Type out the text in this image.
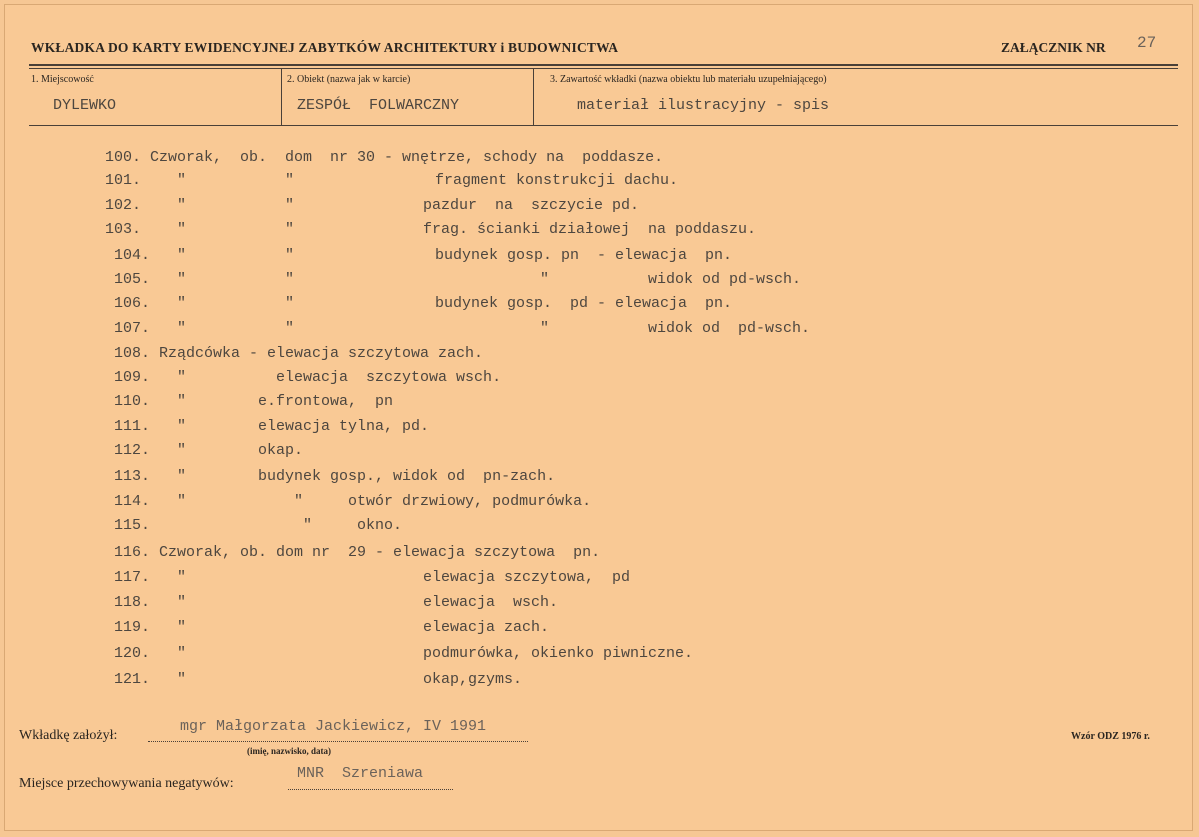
WKŁADKA DO KARTY EWIDENCYJNEJ ZABYTKÓW ARCHITEKTURY i BUDOWNICTWA	ZAŁĄCZNIK NR 27
1. Miejscowość	2. Obiekt (nazwa jak w karcie)	3. Zawartość wkładki (nazwa obiektu lub materiału uzupełniającego)
DYLEWKO	ZESPÓŁ  FOLWARCZNY	materiał ilustracyjny - spis
100. Czworak,  ob.  dom  nr 30 - wnętrze, schody na  poddasze.
101.    "           "	fragment konstrukcji dachu.
102.    "           "	pazdur  na  szczycie pd.
103.    "           "	frag. ścianki działowej  na poddaszu.
104.   "           "	budynek gosp. pn  - elewacja  pn.
105.   "           "	"           widok od pd-wsch.
106.   "           "	budynek gosp.  pd - elewacja  pn.
107.   "           "	"           widok od  pd-wsch.
108. Rządcówka - elewacja szczytowa zach.
109.   "          elewacja  szczytowa wsch.
110.   "        e.frontowa,  pn
111.   "        elewacja tylna, pd.
112.   "        okap.
113.   "        budynek gosp., widok od  pn-zach.
114.   "            "     otwór drzwiowy, podmurówka.
115.                 "     okno.
116. Czworak, ob. dom nr  29 - elewacja szczytowa  pn.
117.   "	elewacja szczytowa,  pd
118.   "	elewacja  wsch.
119.   "	elewacja zach.
120.   "	podmurówka, okienko piwniczne.
121.   "	okap,gzyms.
Wkładkę założył:
mgr Małgorzata Jackiewicz, IV 1991
(imię, nazwisko, data)
Wzór ODZ 1976 r.
Miejsce przechowywania negatywów:
MNR  Szreniawa
